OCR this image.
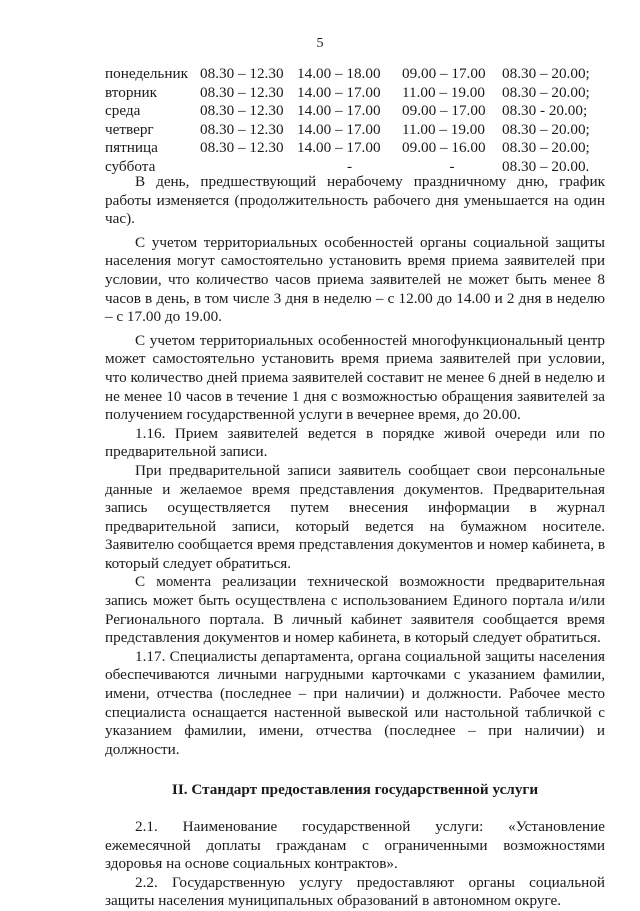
5
понедельник	08.30 – 12.30	14.00 – 18.00	09.00 – 17.00	08.30 – 20.00;
вторник	08.30 – 12.30	14.00 – 17.00	11.00 – 19.00	08.30 – 20.00;
среда	08.30 – 12.30	14.00 – 17.00	09.00 – 17.00	08.30 - 20.00;
четверг	08.30 – 12.30	14.00 – 17.00	11.00 – 19.00	08.30 – 20.00;
пятница	08.30 – 12.30	14.00 – 17.00	09.00 – 16.00	08.30 – 20.00;
суббота		-	-	08.30 – 20.00.

В день, предшествующий нерабочему праздничному дню, график работы изменяется (продолжительность рабочего дня уменьшается на один час).

С учетом территориальных особенностей органы социальной защиты населения могут самостоятельно установить время приема заявителей при условии, что количество часов приема заявителей не может быть менее 8 часов в день, в том числе 3 дня в неделю – с 12.00 до 14.00 и 2 дня в неделю – с 17.00 до 19.00.

С учетом территориальных особенностей многофункциональный центр может самостоятельно установить время приема заявителей при условии, что количество дней приема заявителей составит не менее 6 дней в неделю и не менее 10 часов в течение 1 дня с возможностью обращения заявителей за получением государственной услуги в вечернее время, до 20.00.

1.16. Прием заявителей ведется в порядке живой очереди или по предварительной записи.

При предварительной записи заявитель сообщает свои персональные данные и желаемое время представления документов. Предварительная запись осуществляется путем внесения информации в журнал предварительной записи, который ведется на бумажном носителе. Заявителю сообщается время представления документов и номер кабинета, в который следует обратиться.

С момента реализации технической возможности предварительная запись может быть осуществлена с использованием Единого портала и/или Регионального портала. В личный кабинет заявителя сообщается время представления документов и номер кабинета, в который следует обратиться.

1.17. Специалисты департамента, органа социальной защиты населения обеспечиваются личными нагрудными карточками с указанием фамилии, имени, отчества (последнее – при наличии) и должности. Рабочее место специалиста оснащается настенной вывеской или настольной табличкой с указанием фамилии, имени, отчества (последнее – при наличии) и должности.

II. Стандарт предоставления государственной услуги

2.1. Наименование государственной услуги: «Установление ежемесячной доплаты гражданам с ограниченными возможностями здоровья на основе социальных контрактов».

2.2. Государственную услугу предоставляют органы социальной защиты населения муниципальных образований в автономном округе.
